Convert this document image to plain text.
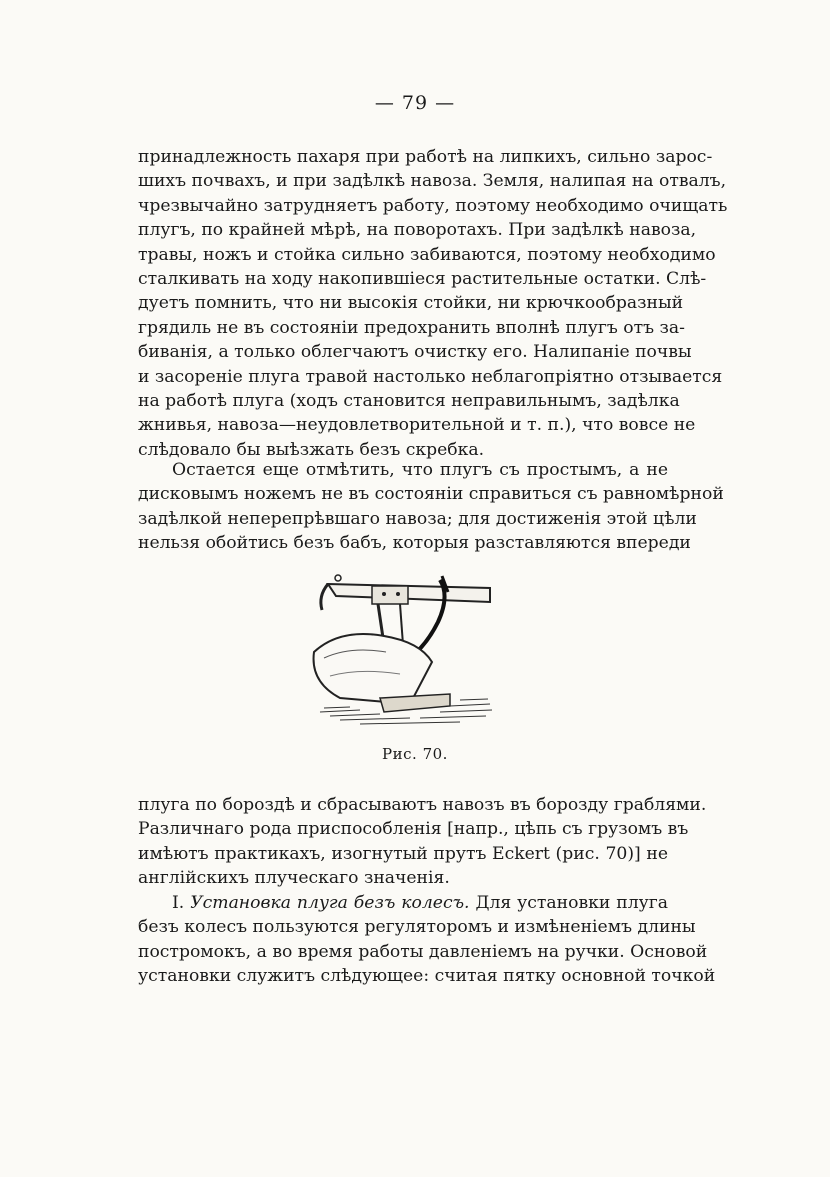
— 79 —
принадлежность пахаря при работѣ на липкихъ, сильно зарос-
шихъ почвахъ, и при задѣлкѣ навоза. Земля, налипая на отвалъ,
чрезвычайно затрудняетъ работу, поэтому необходимо очищать
плугъ, по крайней мѣрѣ, на поворотахъ. При задѣлкѣ навоза,
травы, ножъ и стойка сильно забиваются, поэтому необходимо
сталкивать на ходу накопившiеся растительные остатки. Слѣ-
дуетъ помнить, что ни высокiя стойки, ни крючкообразный
грядиль не въ состоянiи предохранить вполнѣ плугъ отъ за-
биванiя, а только облегчаютъ очистку его. Налипанiе почвы
и засоренiе плуга травой настолько неблагопрiятно отзывается
на работѣ плуга (ходъ становится неправильнымъ, задѣлка
жнивья, навоза—неудовлетворительной и т. п.), что вовсе не
слѣдовало бы выѣзжать безъ скребка.
Остается еще отмѣтить, что плугъ съ простымъ, а не
дисковымъ ножемъ не въ состоянiи справиться съ равномѣрной
задѣлкой неперепрѣвшаго навоза; для достиженiя этой цѣли
нельзя обойтись безъ бабъ, которыя разставляются впереди
Рис. 70.
плуга по бороздѣ и сбрасываютъ навозъ въ борозду граблями.
Различнаго рода приспособленiя [напр., цѣпь съ грузомъ въ
имѣютъ практикахъ, изогнутый прутъ Eckert (рис. 70)] не
англiйскихъ плуческаго значенiя.
I. Установка плуга безъ колесъ. Для установки плуга
безъ колесъ пользуются регуляторомъ и измѣненiемъ длины
постромокъ, а во время работы давленiемъ на ручки. Основой
установки служитъ слѣдующее: считая пятку основной точкой
